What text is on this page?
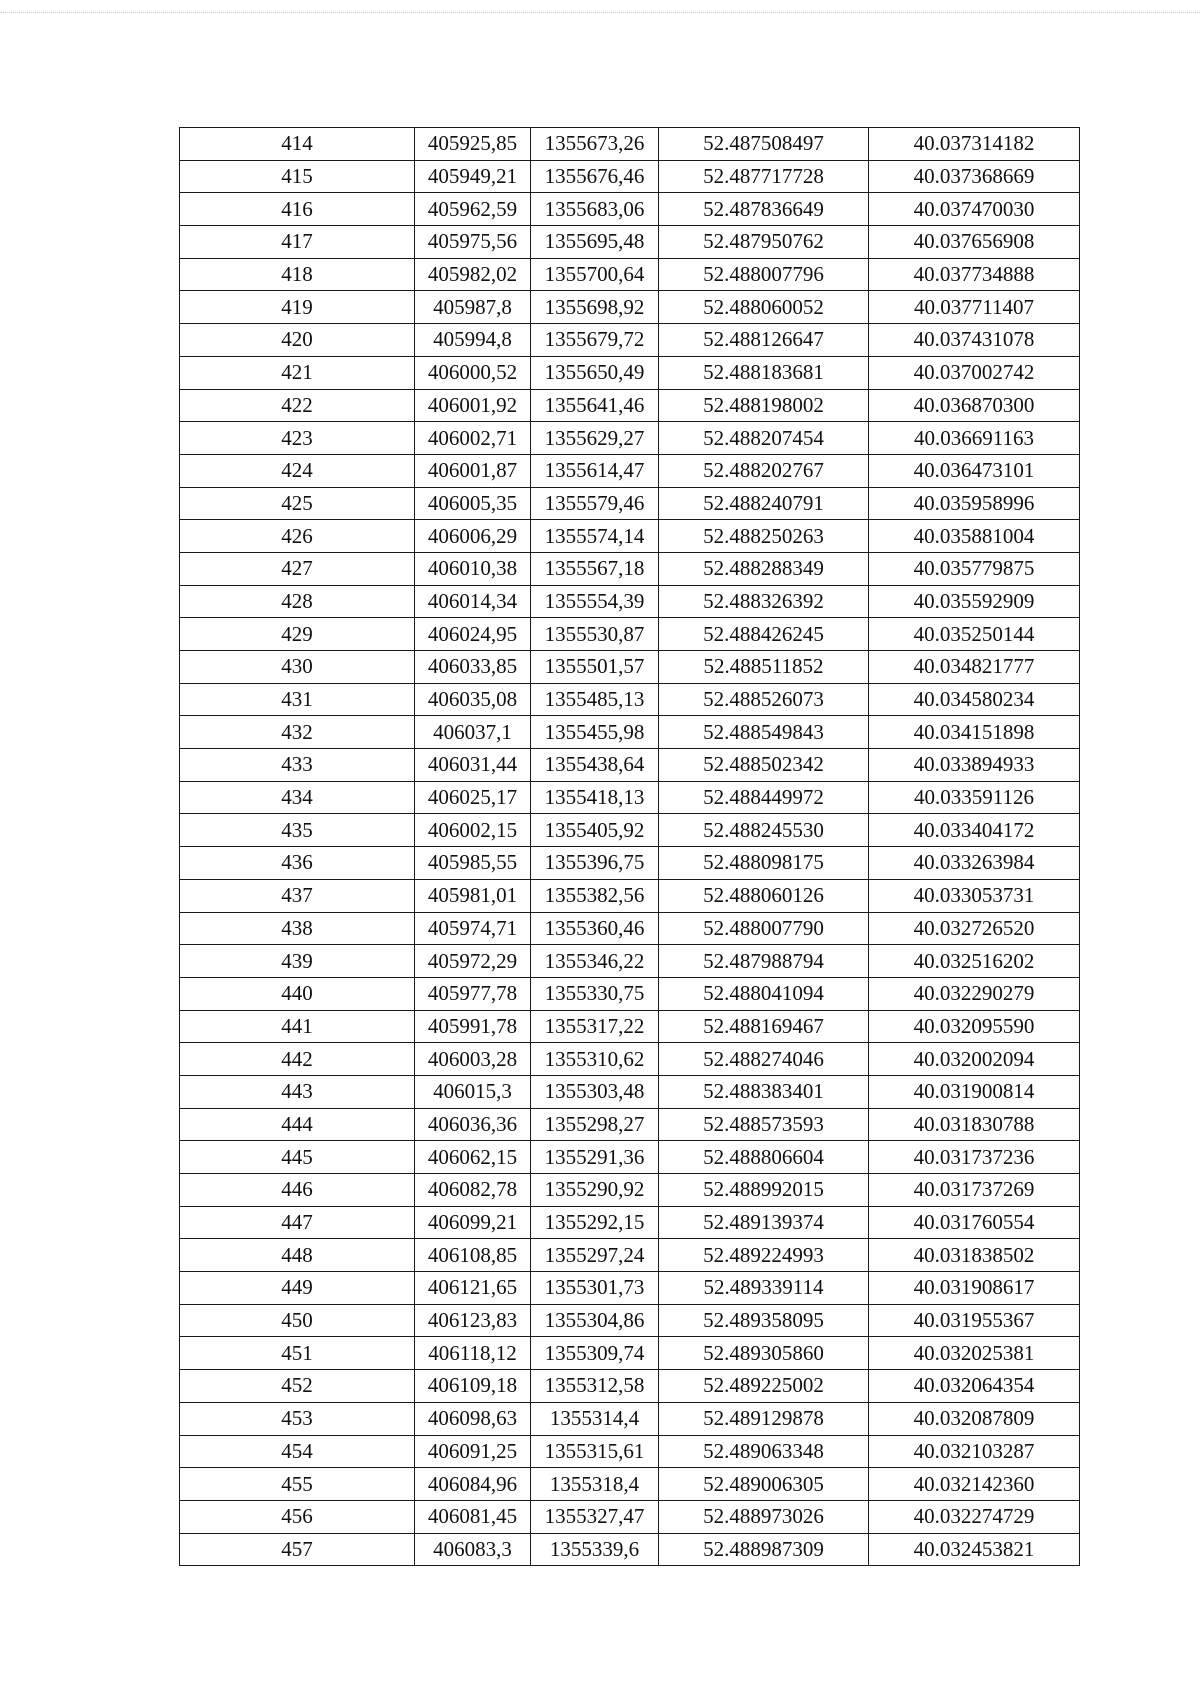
414	405925,85	1355673,26	52.487508497	40.037314182
415	405949,21	1355676,46	52.487717728	40.037368669
416	405962,59	1355683,06	52.487836649	40.037470030
417	405975,56	1355695,48	52.487950762	40.037656908
418	405982,02	1355700,64	52.488007796	40.037734888
419	405987,8	1355698,92	52.488060052	40.037711407
420	405994,8	1355679,72	52.488126647	40.037431078
421	406000,52	1355650,49	52.488183681	40.037002742
422	406001,92	1355641,46	52.488198002	40.036870300
423	406002,71	1355629,27	52.488207454	40.036691163
424	406001,87	1355614,47	52.488202767	40.036473101
425	406005,35	1355579,46	52.488240791	40.035958996
426	406006,29	1355574,14	52.488250263	40.035881004
427	406010,38	1355567,18	52.488288349	40.035779875
428	406014,34	1355554,39	52.488326392	40.035592909
429	406024,95	1355530,87	52.488426245	40.035250144
430	406033,85	1355501,57	52.488511852	40.034821777
431	406035,08	1355485,13	52.488526073	40.034580234
432	406037,1	1355455,98	52.488549843	40.034151898
433	406031,44	1355438,64	52.488502342	40.033894933
434	406025,17	1355418,13	52.488449972	40.033591126
435	406002,15	1355405,92	52.488245530	40.033404172
436	405985,55	1355396,75	52.488098175	40.033263984
437	405981,01	1355382,56	52.488060126	40.033053731
438	405974,71	1355360,46	52.488007790	40.032726520
439	405972,29	1355346,22	52.487988794	40.032516202
440	405977,78	1355330,75	52.488041094	40.032290279
441	405991,78	1355317,22	52.488169467	40.032095590
442	406003,28	1355310,62	52.488274046	40.032002094
443	406015,3	1355303,48	52.488383401	40.031900814
444	406036,36	1355298,27	52.488573593	40.031830788
445	406062,15	1355291,36	52.488806604	40.031737236
446	406082,78	1355290,92	52.488992015	40.031737269
447	406099,21	1355292,15	52.489139374	40.031760554
448	406108,85	1355297,24	52.489224993	40.031838502
449	406121,65	1355301,73	52.489339114	40.031908617
450	406123,83	1355304,86	52.489358095	40.031955367
451	406118,12	1355309,74	52.489305860	40.032025381
452	406109,18	1355312,58	52.489225002	40.032064354
453	406098,63	1355314,4	52.489129878	40.032087809
454	406091,25	1355315,61	52.489063348	40.032103287
455	406084,96	1355318,4	52.489006305	40.032142360
456	406081,45	1355327,47	52.488973026	40.032274729
457	406083,3	1355339,6	52.488987309	40.032453821
